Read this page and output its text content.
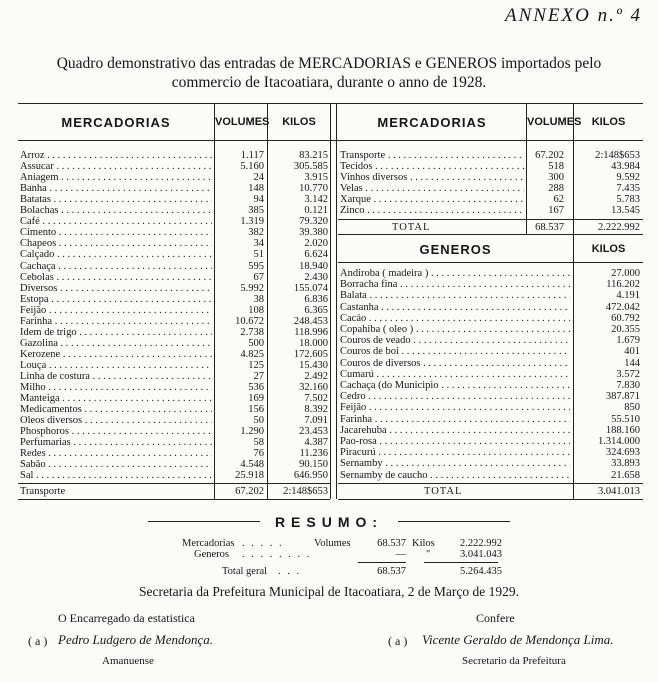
ANNEXO n.º 4
Quadro demonstrativo das entradas de MERCADORIAS e GENEROS importados pelo
commercio de Itacoatiara, durante o anno de 1928.
MERCADORIAS	VOLUMES	KILOS	MERCADORIAS	VOLUMES KILOS
GENEROS	KILOS
Arroz . . .	1.117	83.215
Assucar . . .	5.160	305.585
Aniagem . . .	24	3.915
Banha . . .	148	10.770
Batatas . . .	94	3.142
Bolachas . . .	385	0.121
Café . . .	1.319	79.320
Cimento . . .	382	39.380
Chapeos . . .	34	2.020
Calçado . . .	51	6.624
Cachaça . . .	595	18.940
Cebolas . . .	67	2.430
Diversos . . .	5.992	155.074
Estopa . . .	38	6.836
Feijão . . .	108	6.365
Farinha . . .	10.672	248.453
Idem de trigo . . .	2.738	118.996
Gazolina . . .	500	18.000
Kerozene . . .	4.825	172.605
Louça . . .	125	15.430
Linha de costura . . .	27	2.492
Milho . . .	536	32.160
Manteiga . . .	169	7.502
Medicamentos . . .	156	8.392
Oleos diversos . . .	50	7.091
Phosphoros . . .	1.290	23.453
Perfumarias . . .	58	4.387
Redes . . .	76	11.236
Sabão . . .	4.548	90.150
Sal . . .	25.918	646.950
Transporte . . .	67.202	2:148$653
Tecidos . . .	518	43.984
Vinhos diversos . . .	300	9.592
Velas . . .	288	7.435
Xarque . . .	62	5.783
Zinco . . .	167	13.545
Andiroba ( madeira ) . . .	27.000
Borracha fina . . .	116.202
Balata . . .	4.191
Castanha . . .	472.042
Cacáo . . .	60.792
Copahiba ( oleo ) . . .	20.355
Couros de veado . . .	1.679
Couros de boi . . .	401
Couros de diversos . . .	144
Cumarú . . .	3.572
Cachaça (do Municipio . . .	7.830
Cedro . . .	387.871
Feijão . . .	850
Farinha . . .	55.510
Jacarehuba . . .	188.160
Pao-rosa . . .	1.314.000
Piracurú . . .	324.693
Sernamby . . .	33.893
Sernamby de caucho . . .	21.658
Transporte	67.202	2:148$653
TOTAL	68.537	2.222.992
TOTAL	3.041.013
RESUMO:
Mercadorias . . . . .	Volumes	68.537 Kilos	2.222.992
Generos . . . . . . . .	— "	3.041.043
Total geral . . .	68.537	5.264.435
Secretaria da Prefeitura Municipal de Itacoatiara, 2 de Março de 1929.
O Encarregado da estatistica
( a ) Pedro Ludgero de Mendonça.
Amanuense
Confere
( a ) Vicente Geraldo de Mendonça Lima.
Secretario da Prefeitura
